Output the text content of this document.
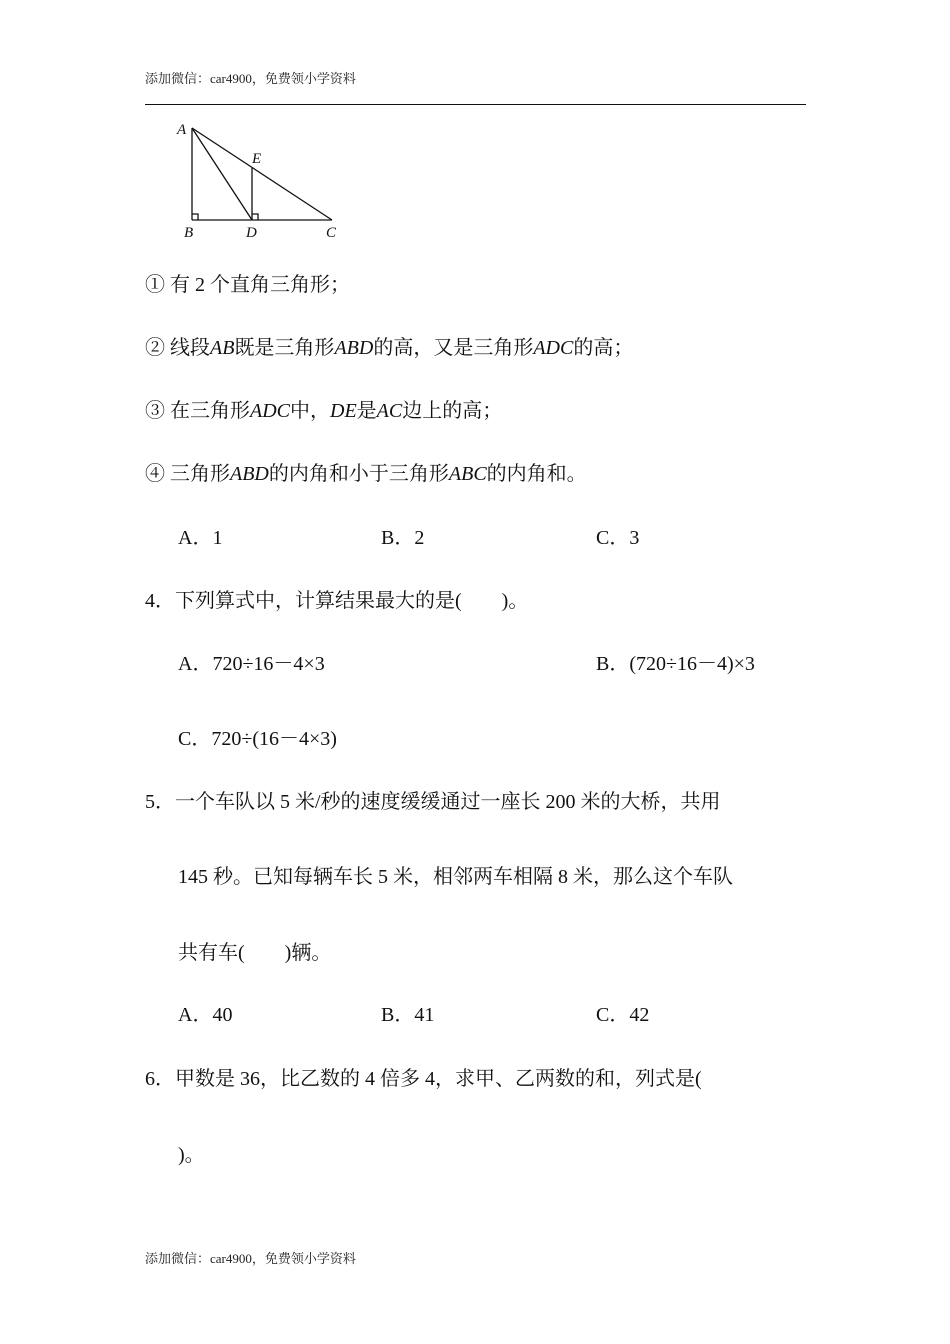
添加微信：car4900，免费领小学资料
A
E
B	D	C
① 有 2 个直角三角形；
② 线段AB既是三角形ABD的高，又是三角形ADC的高；
③ 在三角形ADC中，DE是AC边上的高；
④ 三角形ABD的内角和小于三角形ABC的内角和。
A．1	B．2	C．3
4．下列算式中，计算结果最大的是(　　)。
A．720÷16－4×3	B．(720÷16－4)×3
C．720÷(16－4×3)
5．一个车队以 5 米/秒的速度缓缓通过一座长 200 米的大桥，共用
145 秒。已知每辆车长 5 米，相邻两车相隔 8 米，那么这个车队
共有车(　　)辆。
A．40	B．41	C．42
6．甲数是 36，比乙数的 4 倍多 4，求甲、乙两数的和，列式是(
)。
添加微信：car4900，免费领小学资料
